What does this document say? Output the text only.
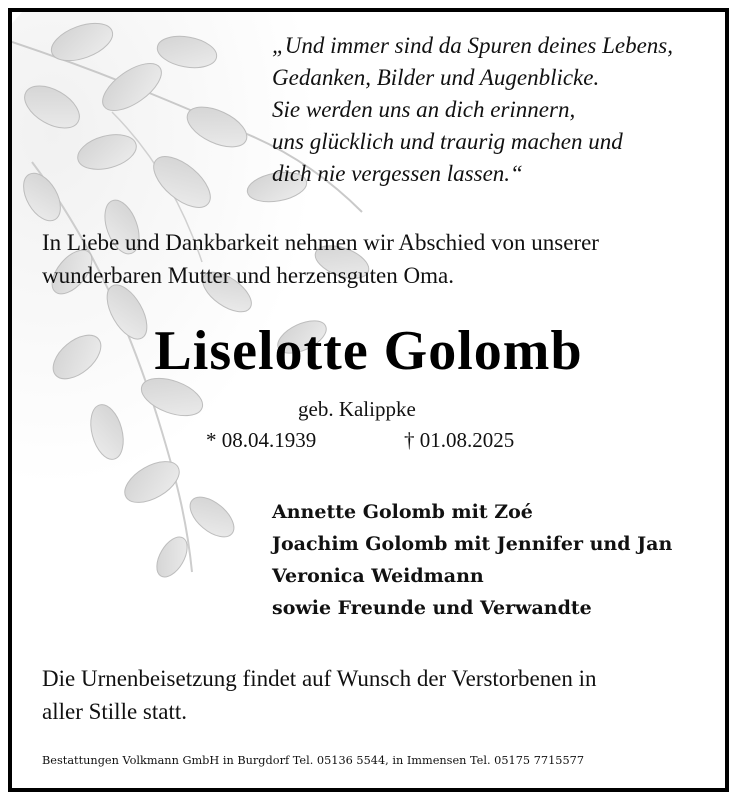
„Und immer sind da Spuren deines Lebens,
Gedanken, Bilder und Augenblicke.
Sie werden uns an dich erinnern,
uns glücklich und traurig machen und
dich nie vergessen lassen.“
In Liebe und Dankbarkeit nehmen wir Abschied von unserer
wunderbaren Mutter und herzensguten Oma.
Liselotte Golomb
geb. Kalippke
* 08.04.1939	† 01.08.2025
Annette Golomb mit Zoé
Joachim Golomb mit Jennifer und Jan
Veronica Weidmann
sowie Freunde und Verwandte
Die Urnenbeisetzung findet auf Wunsch der Verstorbenen in
aller Stille statt.
Bestattungen Volkmann GmbH in Burgdorf Tel. 05136 5544, in Immensen Tel. 05175 7715577
